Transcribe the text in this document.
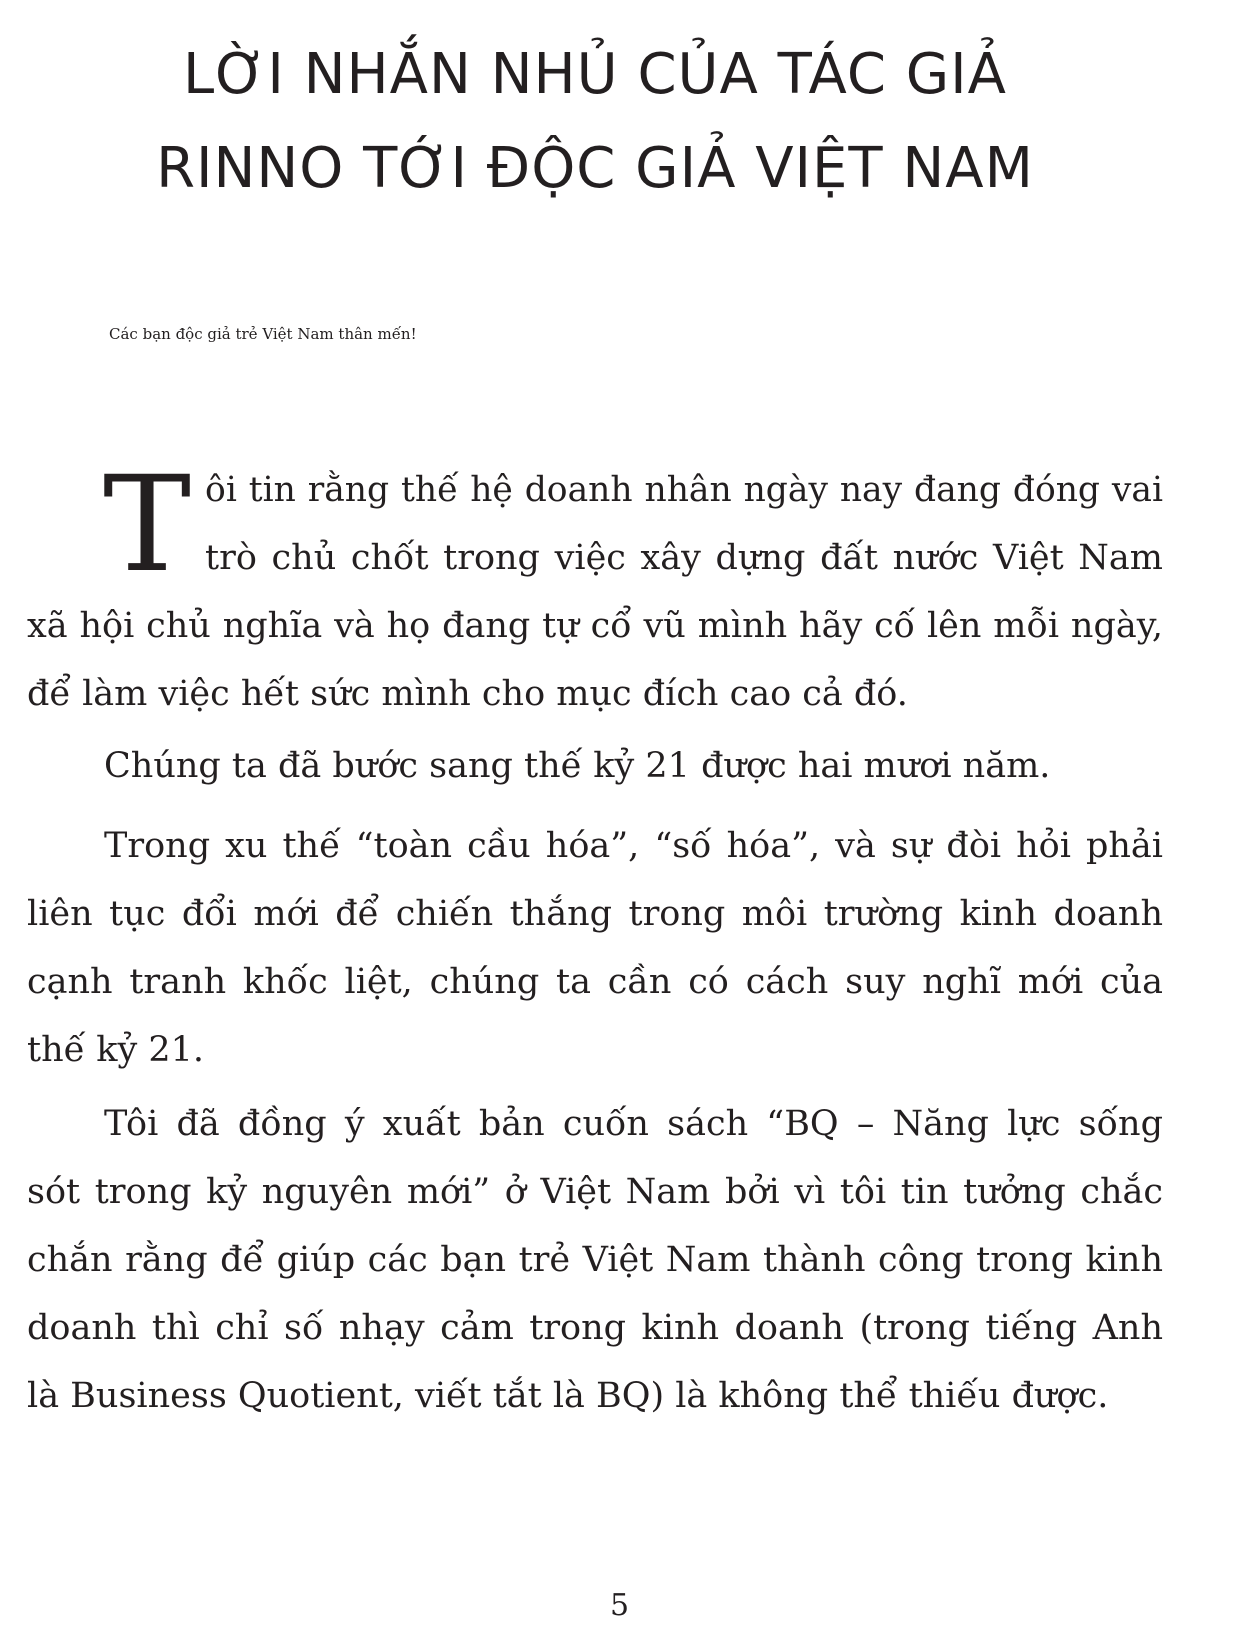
LỜI NHẮN NHỦ CỦA TÁC GIẢ
RINNO TỚI ĐỘC GIẢ VIỆT NAM

Các bạn độc giả trẻ Việt Nam thân mến!

T ôi tin rằng thế hệ doanh nhân ngày nay đang đóng vai
trò chủ chốt trong việc xây dựng đất nước Việt Nam
xã hội chủ nghĩa và họ đang tự cổ vũ mình hãy cố lên mỗi ngày,
để làm việc hết sức mình cho mục đích cao cả đó.
Chúng ta đã bước sang thế kỷ 21 được hai mươi năm.
Trong xu thế “toàn cầu hóa”, “số hóa”, và sự đòi hỏi phải
liên tục đổi mới để chiến thắng trong môi trường kinh doanh
cạnh tranh khốc liệt, chúng ta cần có cách suy nghĩ mới của
thế kỷ 21.
Tôi đã đồng ý xuất bản cuốn sách “BQ – Năng lực sống
sót trong kỷ nguyên mới” ở Việt Nam bởi vì tôi tin tưởng chắc
chắn rằng để giúp các bạn trẻ Việt Nam thành công trong kinh
doanh thì chỉ số nhạy cảm trong kinh doanh (trong tiếng Anh
là Business Quotient, viết tắt là BQ) là không thể thiếu được.
5
